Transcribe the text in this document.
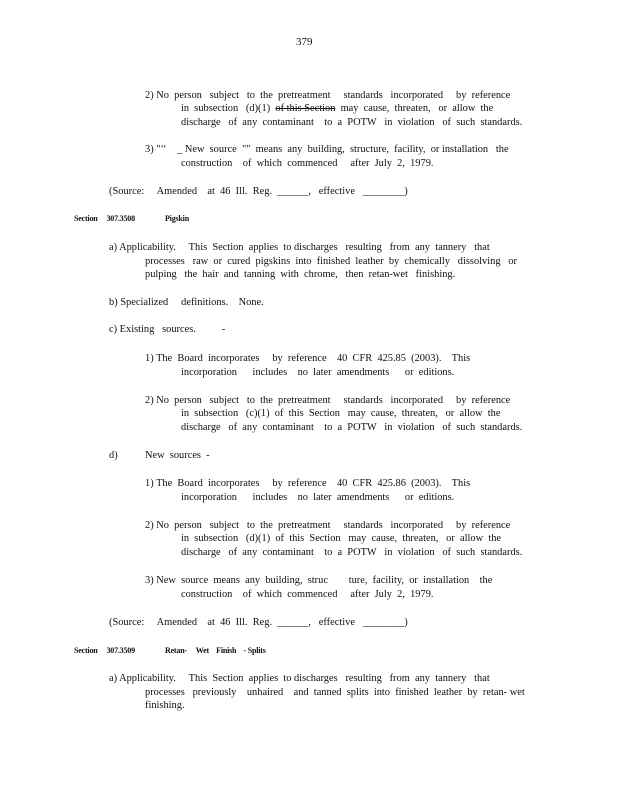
379
2) No  person   subject   to  the  pretreatment     standards   incorporated     by  reference
in  subsection   (d)(1)  of this Section  may  cause,  threaten,   or  allow  the
discharge   of  any  contaminant    to  a  POTW   in  violation   of  such  standards.
3) "‘‘    _ New  source  ""  means  any  building,  structure,  facility,  or installation   the
construction    of  which  commenced     after  July  2,  1979.
(Source:     Amended    at  46  Ill.  Reg.  ______,   effective   ________)
Section     307.3508	Pigskin
a) Applicability.     This  Section  applies  to discharges   resulting   from  any  tannery   that
processes   raw  or  cured  pigskins  into  finished  leather  by  chemically   dissolving   or
pulping   the  hair  and  tanning  with  chrome,   then  retan-wet   finishing.
b) Specialized     definitions.    None.
c) Existing   sources.          -
1) The  Board  incorporates     by  reference    40  CFR  425.85  (2003).    This
incorporation      includes    no  later  amendments      or  editions.
2) No  person   subject   to  the  pretreatment     standards   incorporated     by  reference
in  subsection   (c)(1)  of  this  Section   may  cause,  threaten,   or  allow  the
discharge   of  any  contaminant    to  a  POTW   in  violation   of  such  standards.
d)	New  sources  -
1) The  Board  incorporates     by  reference    40  CFR  425.86  (2003).    This
incorporation      includes    no  later  amendments      or  editions.
2) No  person   subject   to  the  pretreatment     standards   incorporated     by  reference
in  subsection   (d)(1)  of  this  Section   may  cause,  threaten,   or  allow  the
discharge   of  any  contaminant    to  a  POTW   in  violation   of  such  standards.
3) New  source  means  any  building,  struc        ture,  facility,  or  installation    the
construction    of  which  commenced     after  July  2,  1979.
(Source:     Amended    at  46  Ill.  Reg.  ______,   effective   ________)
Section     307.3509	Retan-     Wet    Finish    - Splits
a) Applicability.     This  Section  applies  to discharges   resulting   from  any  tannery   that
processes   previously    unhaired    and  tanned  splits  into  finished  leather  by  retan- wet
finishing.
